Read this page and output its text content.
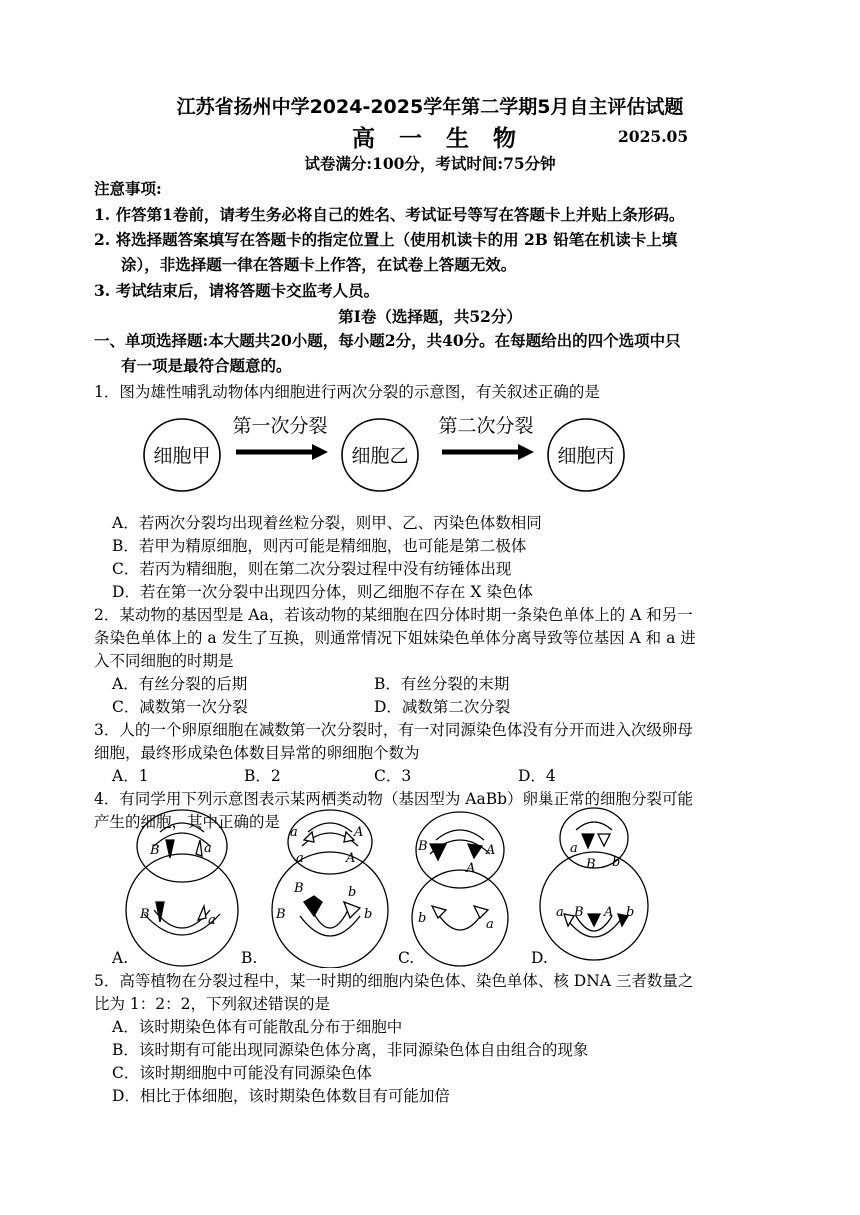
江苏省扬州中学2024-2025学年第二学期5月自主评估试题
高 一 生 物	2025.05
试卷满分:100分，考试时间:75分钟
注意事项:
1. 作答第1卷前，请考生务必将自己的姓名、考试证号等写在答题卡上并贴上条形码。
2. 将选择题答案填写在答题卡的指定位置上（使用机读卡的用 2B 铅笔在机读卡上填
涂），非选择题一律在答题卡上作答，在试卷上答题无效。
3. 考试结束后，请将答题卡交监考人员。
第I卷（选择题，共52分）
一、单项选择题:本大题共20小题，每小题2分，共40分。在每题给出的四个选项中只
有一项是最符合题意的。
1．图为雄性哺乳动物体内细胞进行两次分裂的示意图，有关叙述正确的是
细胞甲
第一次分裂
细胞乙
第二次分裂
细胞丙
A．若两次分裂均出现着丝粒分裂，则甲、乙、丙染色体数相同
B．若甲为精原细胞，则丙可能是精细胞，也可能是第二极体
C．若丙为精细胞，则在第二次分裂过程中没有纺锤体出现
D．若在第一次分裂中出现四分体，则乙细胞不存在 X 染色体
2．某动物的基因型是 Aa，若该动物的某细胞在四分体时期一条染色单体上的 A 和另一
条染色单体上的 a 发生了互换，则通常情况下姐妹染色单体分离导致等位基因 A 和 a 进
入不同细胞的时期是
A．有丝分裂的后期	B．有丝分裂的末期
C．减数第一次分裂	D．减数第二次分裂
3．人的一个卵原细胞在减数第一次分裂时，有一对同源染色体没有分开而进入次级卵母
细胞，最终形成染色体数目异常的卵细胞个数为
A．1	B．2	C．3	D．4
4．有同学用下列示意图表示某两栖类动物（基因型为 AaBb）卵巢正常的细胞分裂可能
产生的细胞，其中正确的是
B	a
B	a
a
a
A
A
B
B
b
b
B	A
A
b	a
a
B b
a B A b
A.	B.	C.	D.
5．高等植物在分裂过程中，某一时期的细胞内染色体、染色单体、核 DNA 三者数量之
比为 1：2：2，下列叙述错误的是
A．该时期染色体有可能散乱分布于细胞中
B．该时期有可能出现同源染色体分离，非同源染色体自由组合的现象
C．该时期细胞中可能没有同源染色体
D．相比于体细胞，该时期染色体数目有可能加倍
